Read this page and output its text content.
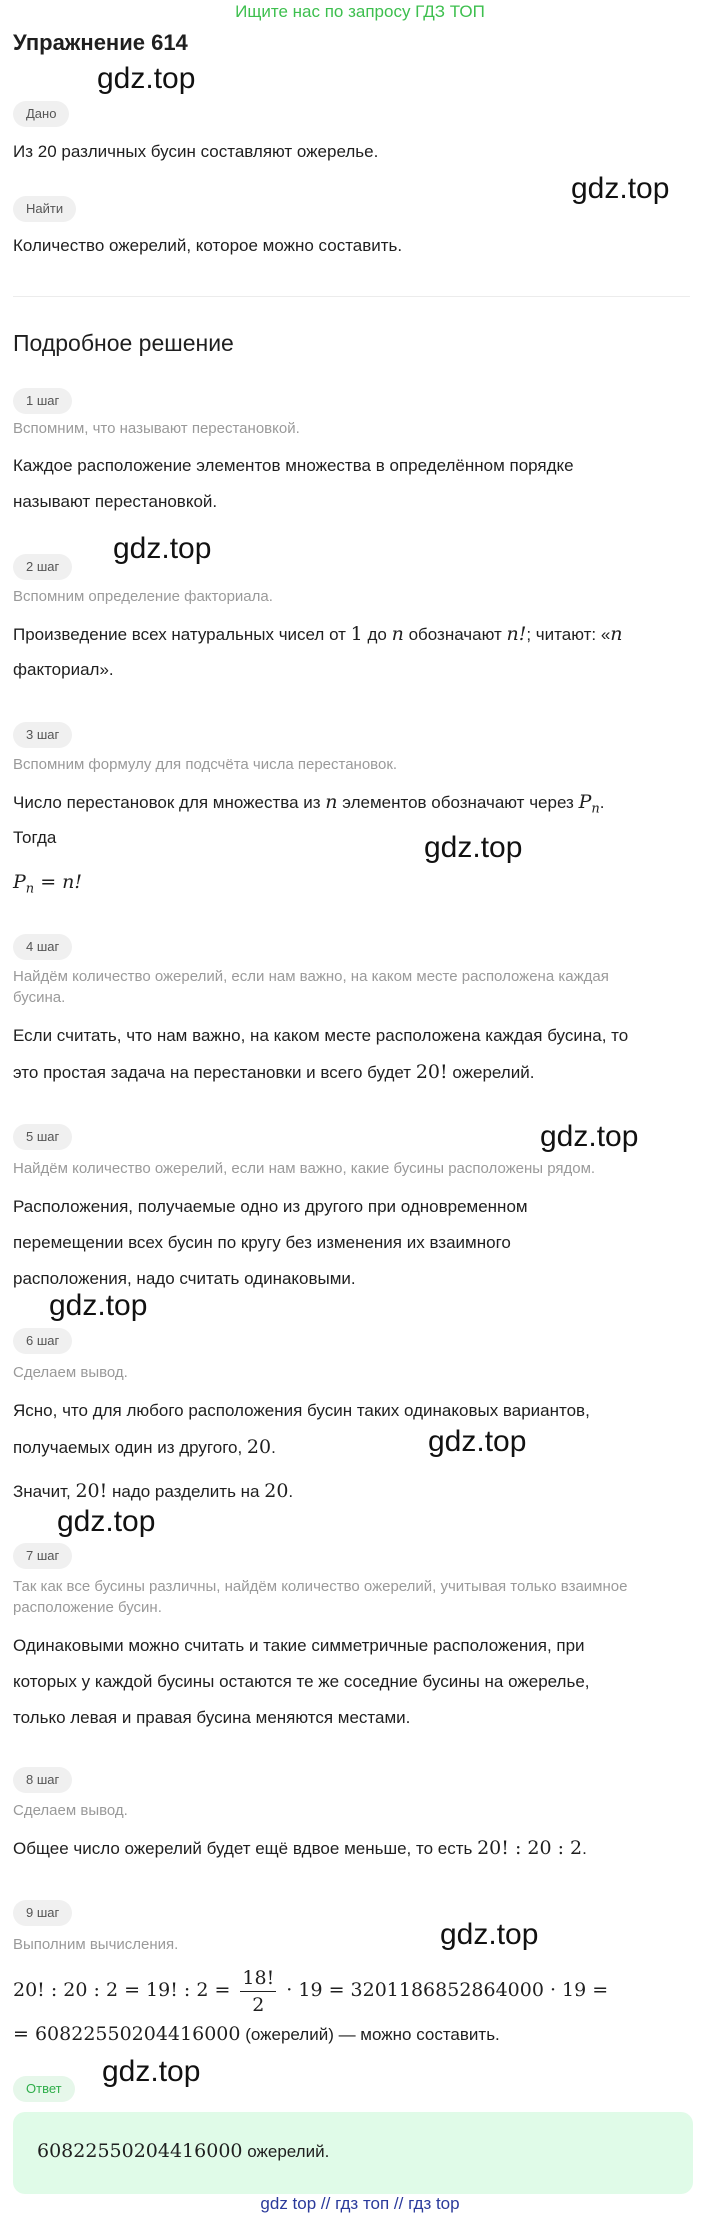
Ищите нас по запросу ГДЗ ТОП
Упражнение 614
gdz.top
Дано
Из 20 различных бусин составляют ожерелье.
gdz.top
Найти
Количество ожерелий, которое можно составить.
Подробное решение
1 шаг
Вспомним, что называют перестановкой.
Каждое расположение элементов множества в определённом порядке
называют перестановкой.
gdz.top
2 шаг
Вспомним определение факториала.
Произведение всех натуральных чисел от 1 до n обозначают n!; читают: «n
факториал».
3 шаг
Вспомним формулу для подсчёта числа перестановок.
Число перестановок для множества из n элементов обозначают через $P_n$.
Тогда	gdz.top
$P_n = n$!
4 шаг
Найдём количество ожерелий, если нам важно, на каком месте расположена каждая
бусина.
Если считать, что нам важно, на каком месте расположена каждая бусина, то
это простая задача на перестановки и всего будет 20! ожерелий.
gdz.top
5 шаг
Найдём количество ожерелий, если нам важно, какие бусины расположены рядом.
Расположения, получаемые одно из другого при одновременном
перемещении всех бусин по кругу без изменения их взаимного
расположения, надо считать одинаковыми.
gdz.top
6 шаг
Сделаем вывод.
Ясно, что для любого расположения бусин таких одинаковых вариантов,
получаемых один из другого, 20.	gdz.top
Значит, 20! надо разделить на 20.
gdz.top
7 шаг
Так как все бусины различны, найдём количество ожерелий, учитывая только взаимное
расположение бусин.
Одинаковыми можно считать и такие симметричные расположения, при
которых у каждой бусины остаются те же соседние бусины на ожерелье,
только левая и правая бусина меняются местами.
8 шаг
Сделаем вывод.
Общее число ожерелий будет ещё вдвое меньше, то есть 20! : 20 : 2.
9 шаг
gdz.top
Выполним вычисления.
20! : 20 : 2 = 19! : $2 = \frac{18!}{2} \cdot 19 = 3201186852864000 \cdot 19$ =
= 60822550204416000 (ожерелий) — можно составить.
Ответ
gdz.top
60822550204416000 ожерелий.
gdz top // гдз топ // гдз top
